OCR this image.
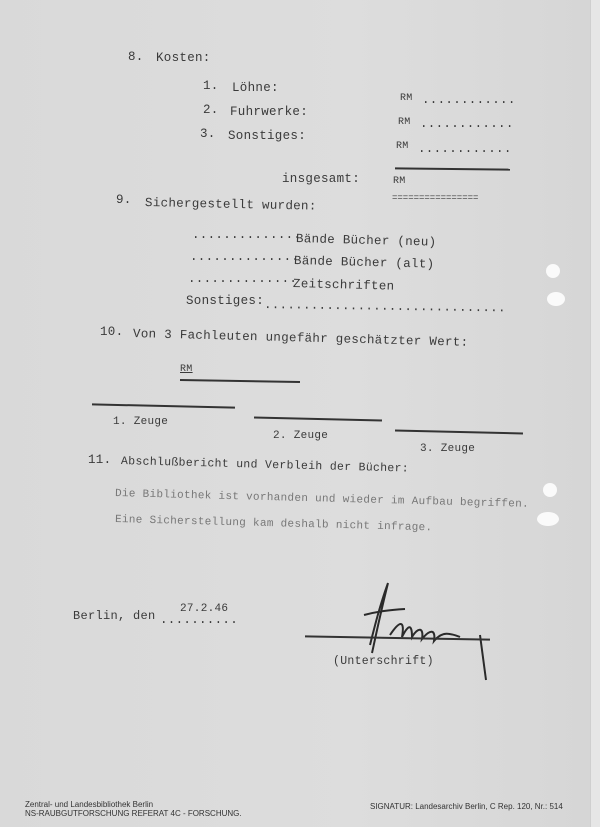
8. Kosten:
1. Löhne:
2. Fuhrwerke:
3. Sonstiges:
RM ............
RM ............
RM ............
insgesamt:	RM
================
9. Sichergestellt wurden:
..............
Bände Bücher (neu)
..............
Bände Bücher (alt)
..............
Zeitschriften
Sonstiges: ...............................
10. Von 3 Fachleuten ungefähr geschätzter Wert:
RM
1. Zeuge
2. Zeuge
3. Zeuge
11. Abschlußbericht und Verbleih der Bücher:
Die Bibliothek ist vorhanden und wieder im Aufbau begriffen.
Eine Sicherstellung kam deshalb nicht infrage.
Berlin, den 27.2.46
..........
(Unterschrift)
Zentral- und Landesbibliothek Berlin
NS-RAUBGUTFORSCHUNG REFERAT 4C - FORSCHUNG.
SIGNATUR: Landesarchiv Berlin, C Rep. 120, Nr.: 514
